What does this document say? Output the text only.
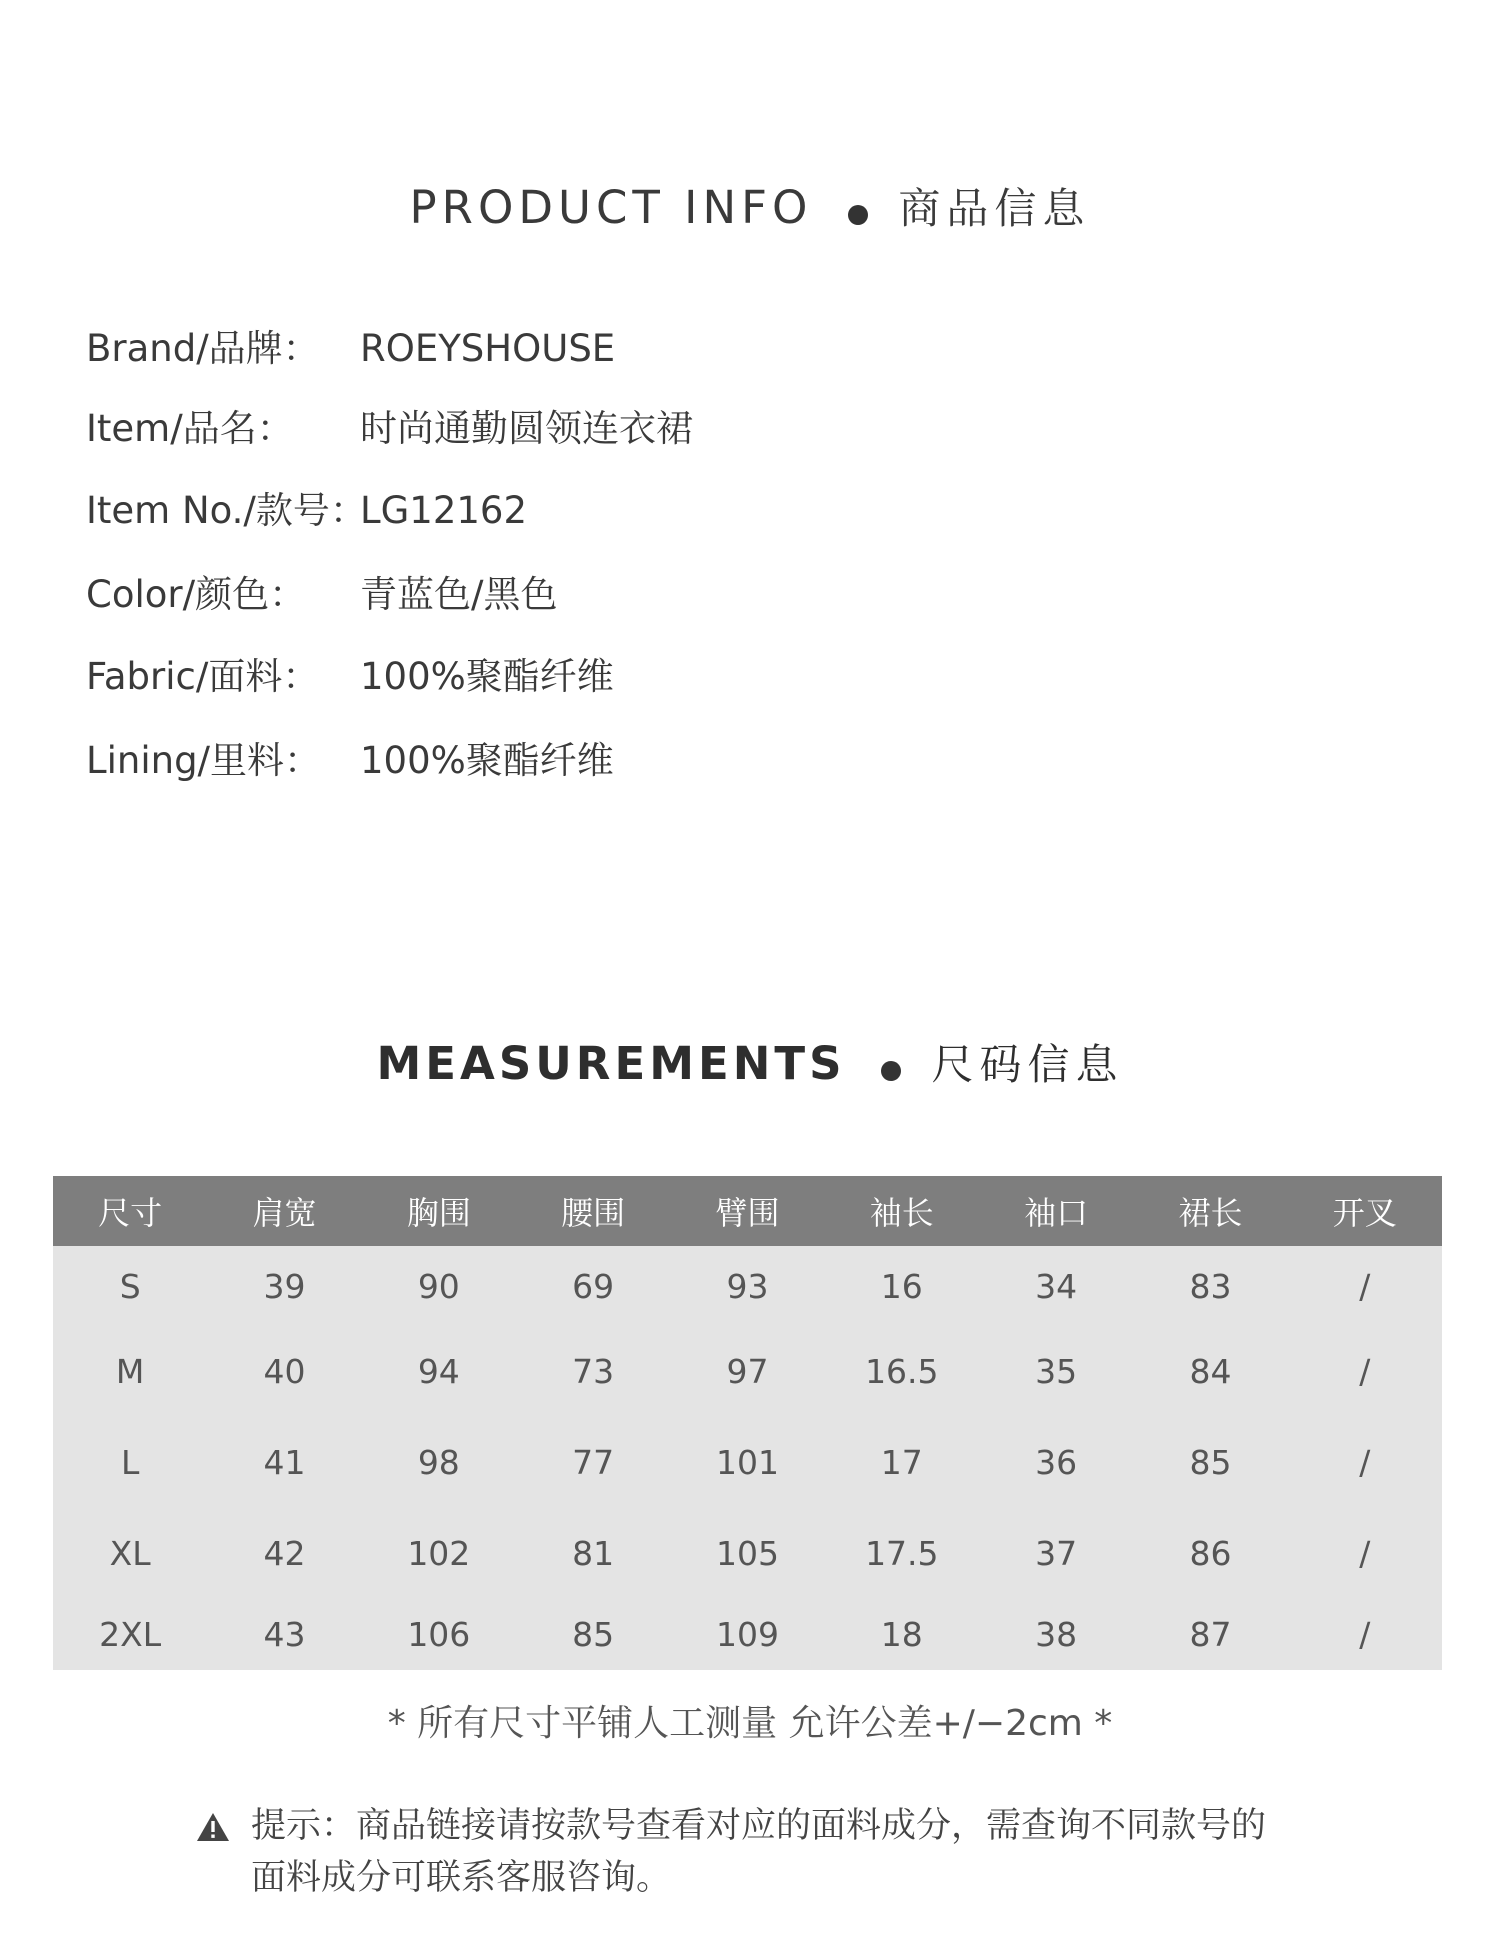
PRODUCT INFO 商品信息
Brand/品牌： ROEYSHOUSE
Item/品名： 时尚通勤圆领连衣裙
Item No./款号：LG12162
Color/颜色： 青蓝色/黑色
Fabric/面料： 100%聚酯纤维
Lining/里料： 100%聚酯纤维
MEASUREMENTS 尺码信息
尺寸	肩宽	胸围	腰围	臂围	袖长	袖口	裙长	开叉
S	39	90	69	93	16	34	83	/
M	40	94	73	97	16.5	35	84	/
L	41	98	77	101	17	36	85	/
XL	42	102	81	105	17.5	37	86	/
2XL	43	106	85	109	18	38	87	/
* 所有尺寸平铺人工测量 允许公差+/−2cm *
提示：商品链接请按款号查看对应的面料成分，需查询不同款号的
面料成分可联系客服咨询。
